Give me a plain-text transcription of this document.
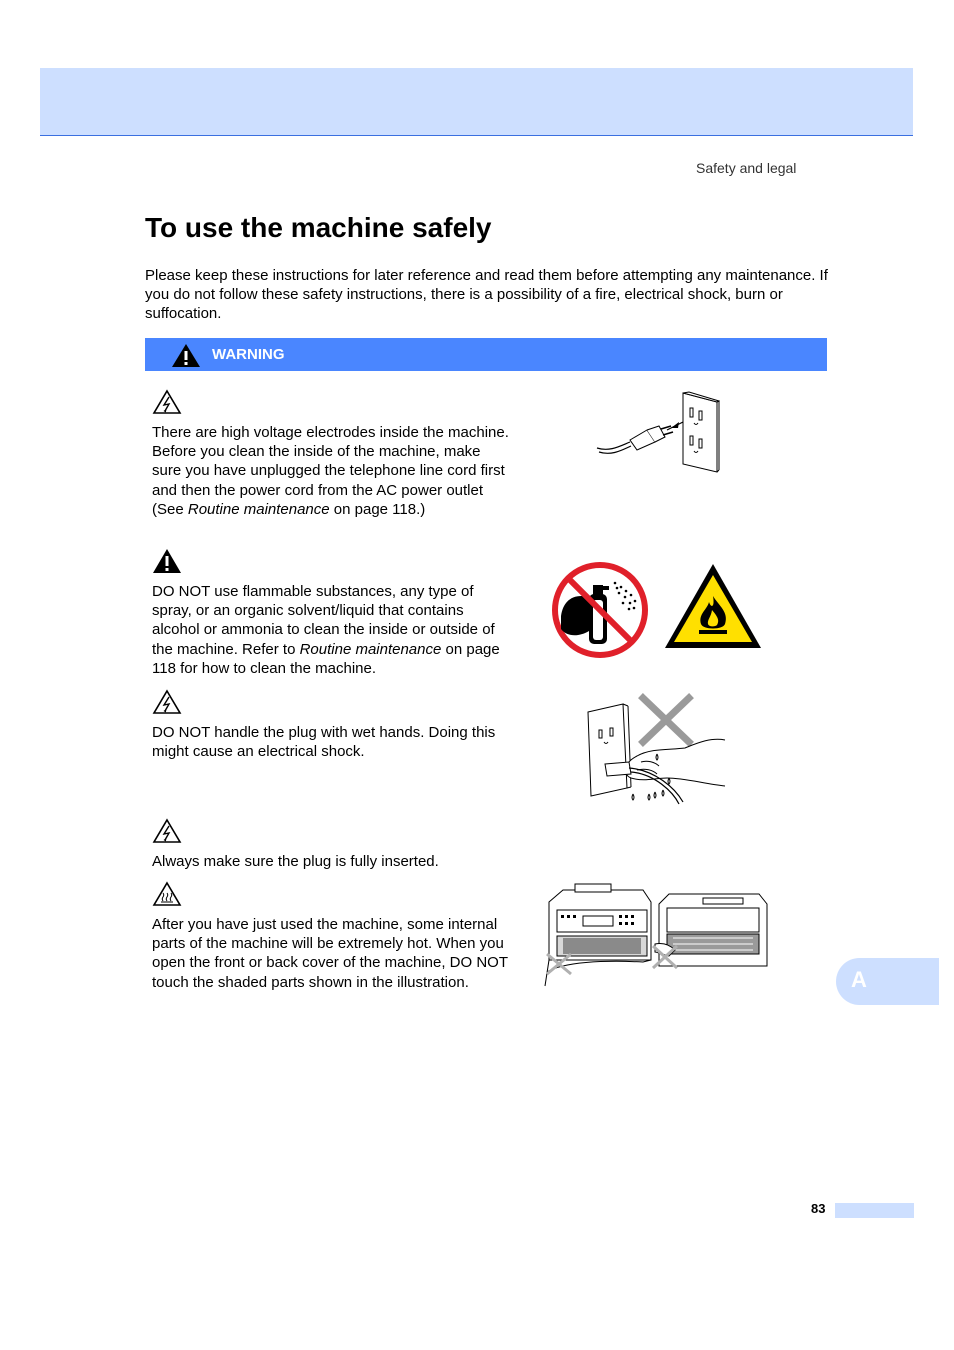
Safety and legal
To use the machine safely

Please keep these instructions for later reference and read them before attempting any maintenance. If you do not follow these safety instructions, there is a possibility of a fire, electrical shock, burn or suffocation.

WARNING

There are high voltage electrodes inside the machine. Before you clean the inside of the machine, make sure you have unplugged the telephone line cord first and then the power cord from the AC power outlet (See Routine maintenance on page 118.)

DO NOT use flammable substances, any type of spray, or an organic solvent/liquid that contains alcohol or ammonia to clean the inside or outside of the machine. Refer to Routine maintenance on page 118 for how to clean the machine.

DO NOT handle the plug with wet hands. Doing this might cause an electrical shock.

Always make sure the plug is fully inserted.

After you have just used the machine, some internal parts of the machine will be extremely hot. When you open the front or back cover of the machine, DO NOT touch the shaded parts shown in the illustration.	A
83
